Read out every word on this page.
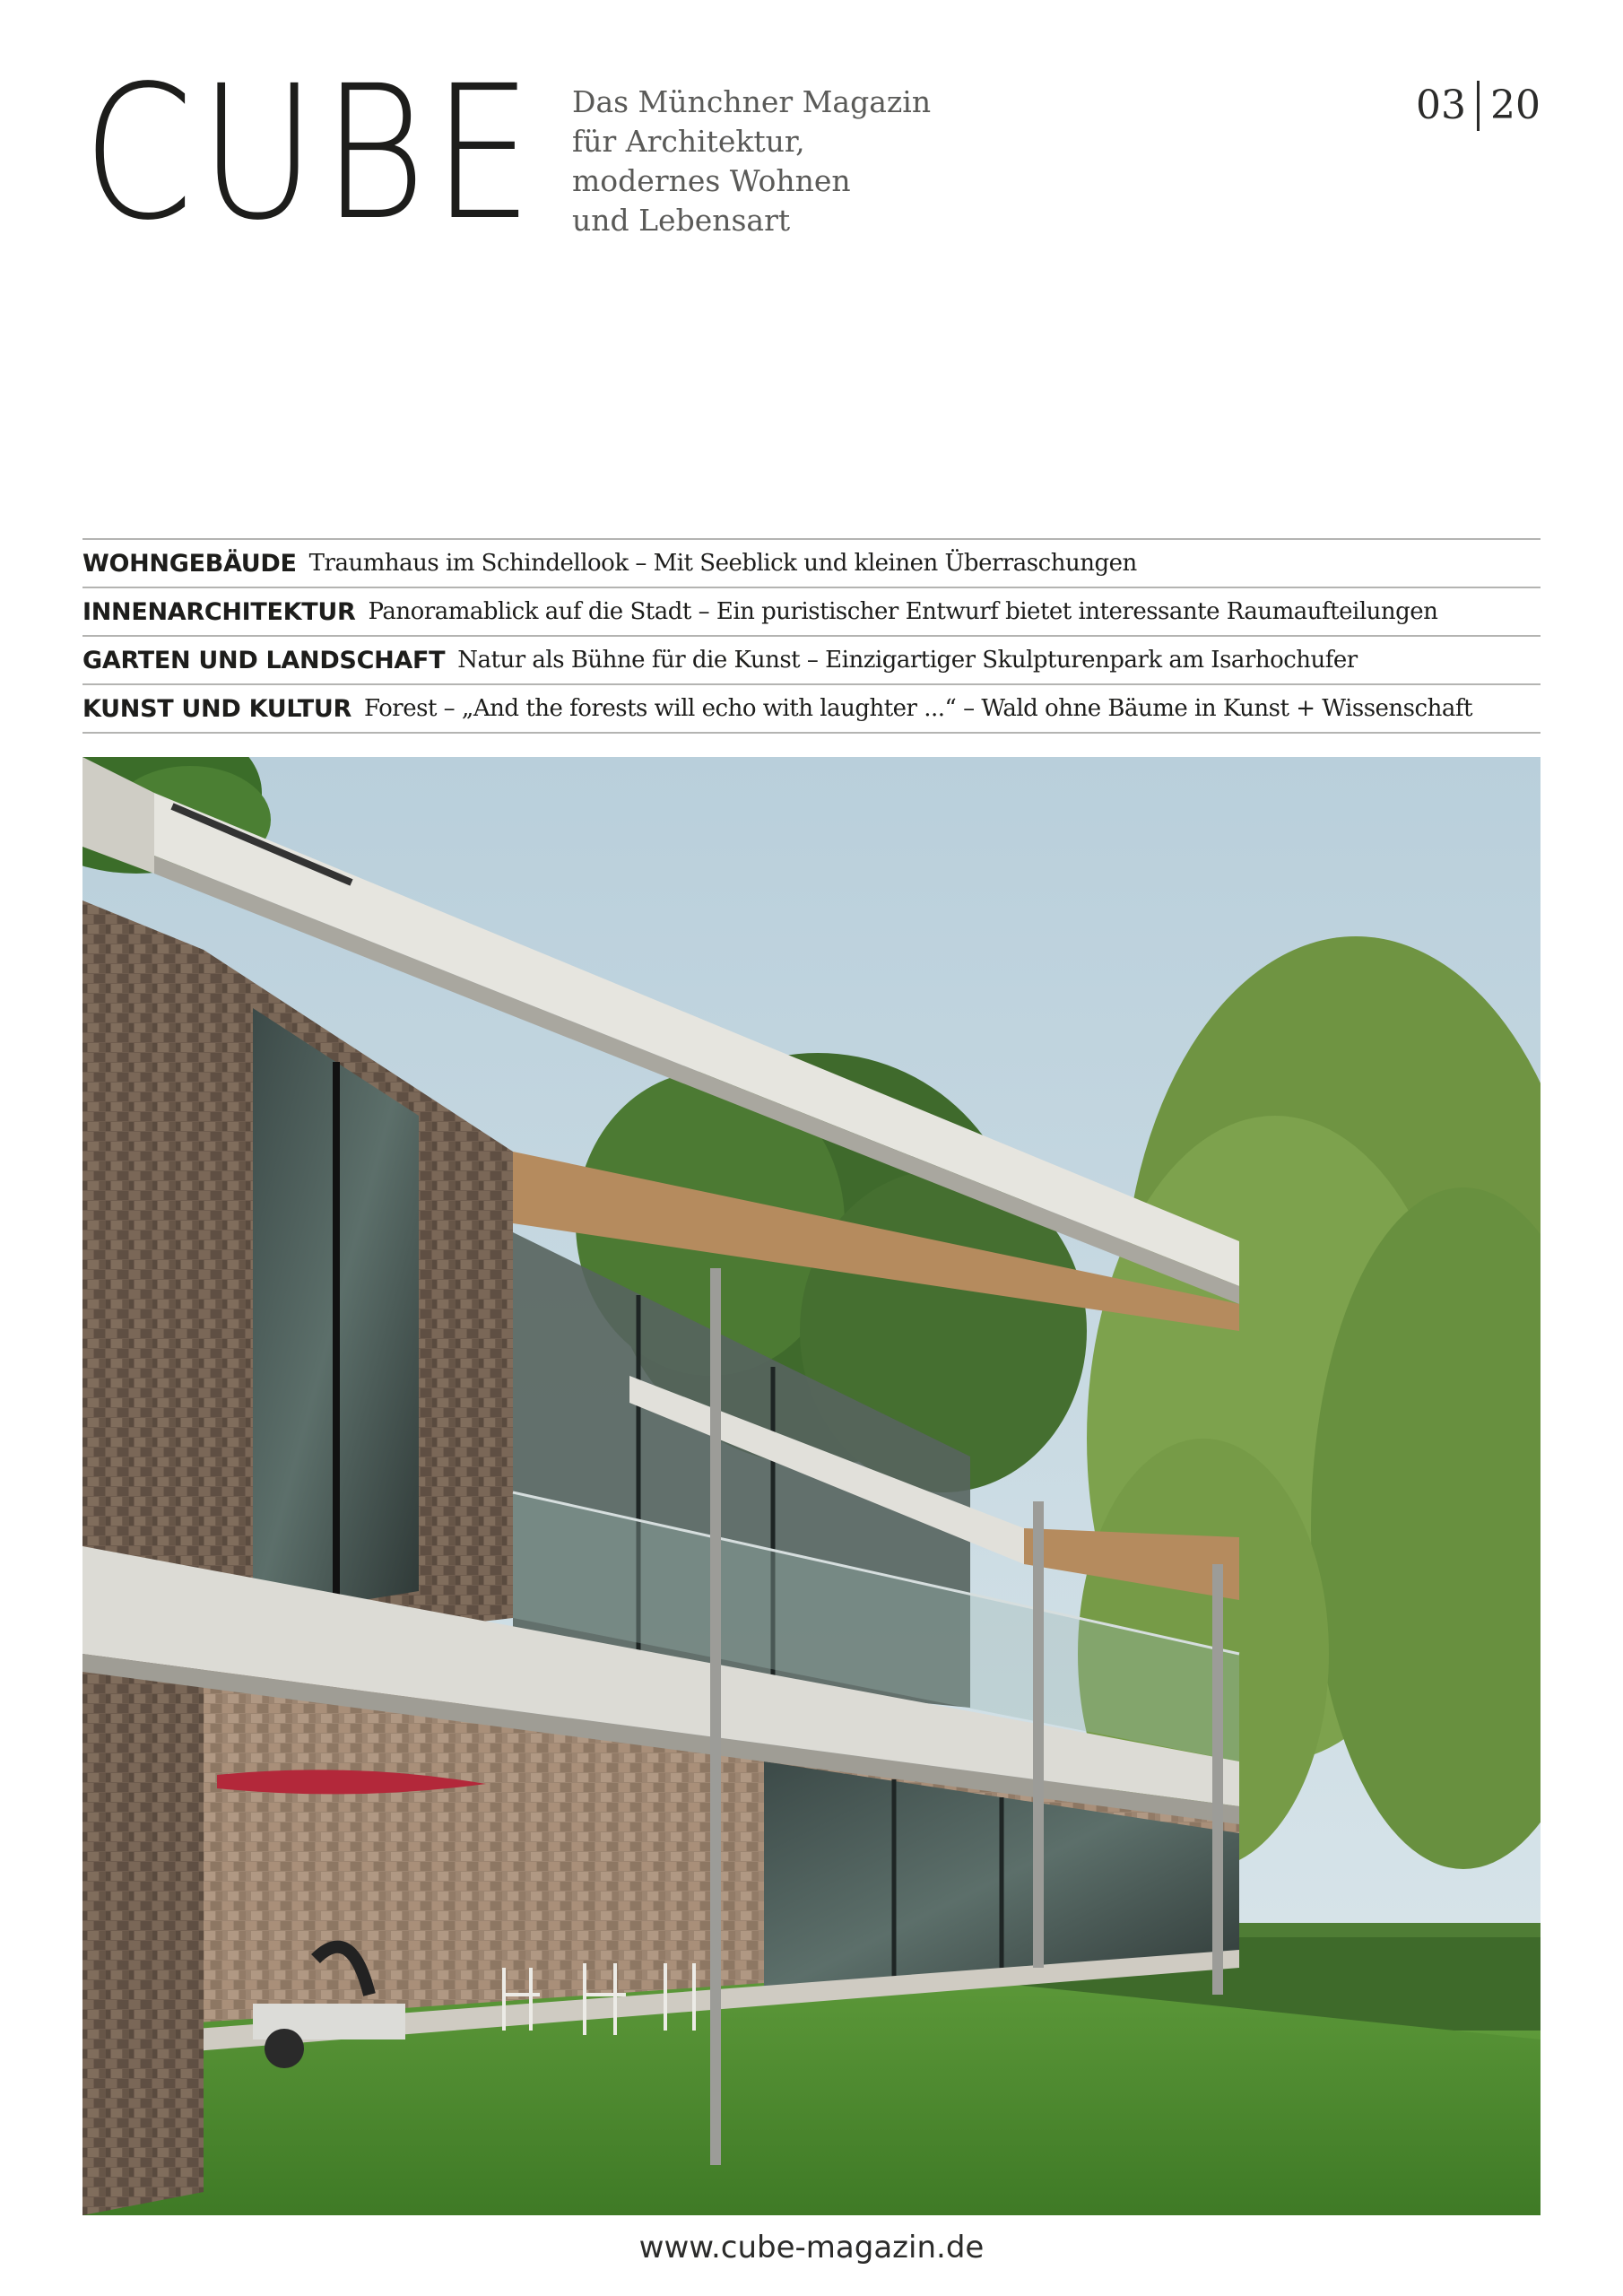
CUBE Das Münchner Magazin
für Architektur,
modernes Wohnen
und Lebensart
03 20
WOHNGEBÄUDE Traumhaus im Schindellook – Mit Seeblick und kleinen Überraschungen
INNENARCHITEKTUR Panoramablick auf die Stadt – Ein puristischer Entwurf bietet interessante Raumaufteilungen
GARTEN UND LANDSCHAFT Natur als Bühne für die Kunst – Einzigartiger Skulpturenpark am Isarhochufer
KUNST UND KULTUR Forest – „And the forests will echo with laughter ...“ – Wald ohne Bäume in Kunst + Wissenschaft
www.cube-magazin.de
